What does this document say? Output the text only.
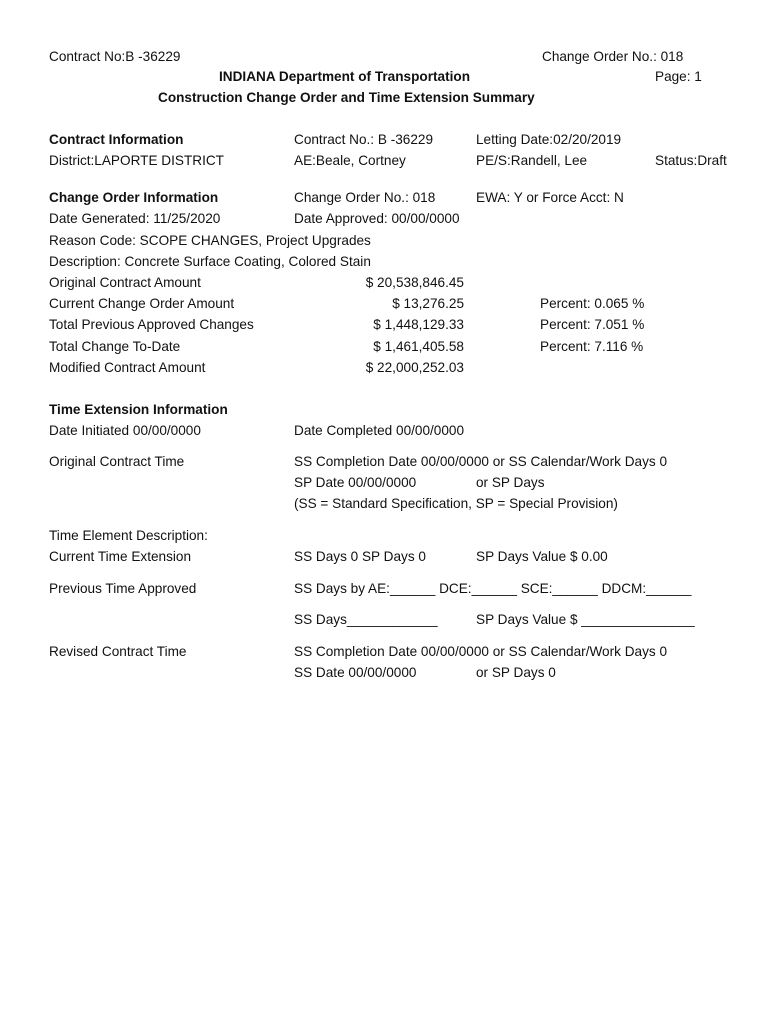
Contract No:B -36229	Change Order No.: 018
INDIANA Department of Transportation	Page: 1
Construction Change Order and Time Extension Summary
Contract Information	Contract No.: B -36229	Letting Date:02/20/2019
District:LAPORTE DISTRICT	AE:Beale, Cortney	PE/S:Randell, Lee	Status:Draft
Change Order Information	Change Order No.: 018	EWA: Y or Force Acct: N
Date Generated: 11/25/2020	Date Approved: 00/00/0000
Reason Code: SCOPE CHANGES, Project Upgrades
Description: Concrete Surface Coating, Colored Stain
Original Contract Amount	$ 20,538,846.45
Current Change Order Amount	$ 13,276.25	Percent: 0.065 %
Total Previous Approved Changes	$ 1,448,129.33	Percent: 7.051 %
Total Change To-Date	$ 1,461,405.58	Percent: 7.116 %
Modified Contract Amount	$ 22,000,252.03
Time Extension Information
Date Initiated 00/00/0000	Date Completed 00/00/0000
Original Contract Time	SS Completion Date 00/00/0000 or SS Calendar/Work Days 0
SP Date 00/00/0000	or SP Days
(SS = Standard Specification, SP = Special Provision)
Time Element Description:
Current Time Extension	SS Days 0 SP Days 0	SP Days Value $ 0.00
Previous Time Approved	SS Days by AE:______ DCE:______ SCE:______ DDCM:______
SS Days____________	SP Days Value $ _______________
Revised Contract Time	SS Completion Date 00/00/0000 or SS Calendar/Work Days 0
SS Date 00/00/0000	or SP Days 0
